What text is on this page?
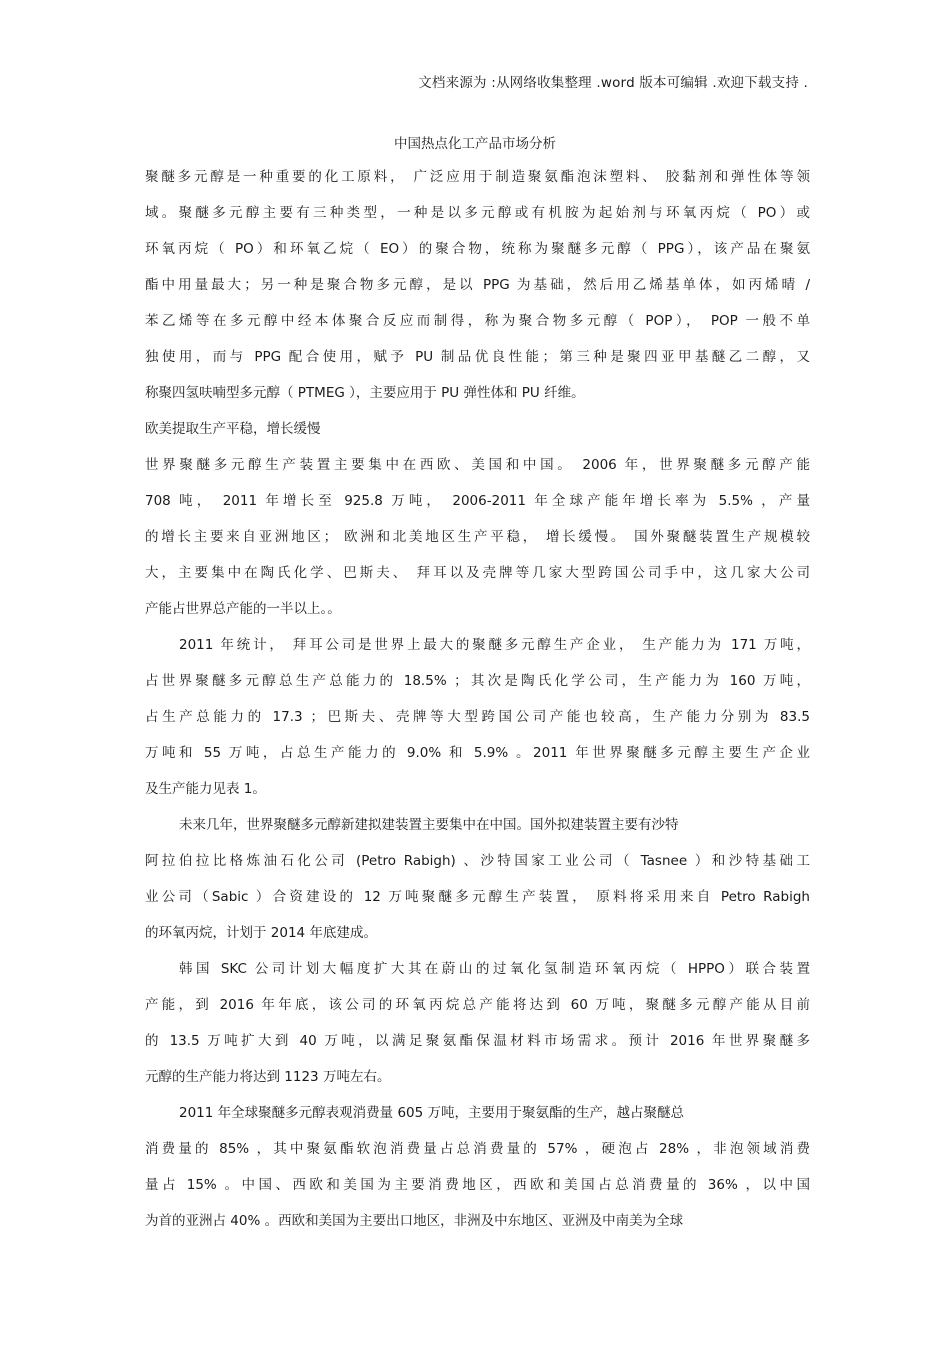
文档来源为 :从网络收集整理 .word 版本可编辑 .欢迎下载支持 .
中国热点化工产品市场分析
聚醚多元醇是一种重要的化工原料， 广泛应用于制造聚氨酯泡沫塑料、 胶黏剂和弹性体等领
域。聚醚多元醇主要有三种类型，一种是以多元醇或有机胺为起始剂与环氧丙烷（ PO）或
环氧丙烷（ PO）和环氧乙烷（ EO）的聚合物，统称为聚醚多元醇（ PPG），该产品在聚氨
酯中用量最大；另一种是聚合物多元醇，是以 PPG 为基础，然后用乙烯基单体，如丙烯晴 /
苯乙烯等在多元醇中经本体聚合反应而制得，称为聚合物多元醇（ POP）， POP 一般不单
独使用，而与 PPG 配合使用，赋予 PU 制品优良性能；第三种是聚四亚甲基醚乙二醇，又
称聚四氢呋喃型多元醇（ PTMEG ），主要应用于 PU 弹性体和 PU 纤维。
欧美提取生产平稳，增长缓慢
世界聚醚多元醇生产装置主要集中在西欧、美国和中国。 2006 年，世界聚醚多元醇产能
708 吨， 2011 年增长至 925.8 万吨， 2006-2011 年全球产能年增长率为 5.5% ，产量
的增长主要来自亚洲地区； 欧洲和北美地区生产平稳， 增长缓慢。 国外聚醚装置生产规模较
大，主要集中在陶氏化学、巴斯夫、 拜耳以及壳牌等几家大型跨国公司手中，这几家大公司
产能占世界总产能的一半以上。。
2011 年统计， 拜耳公司是世界上最大的聚醚多元醇生产企业， 生产能力为 171 万吨，
占世界聚醚多元醇总生产总能力的 18.5% ；其次是陶氏化学公司，生产能力为 160 万吨，
占生产总能力的 17.3 ；巴斯夫、壳牌等大型跨国公司产能也较高，生产能力分别为 83.5
万吨和 55 万吨，占总生产能力的 9.0% 和 5.9% 。2011 年世界聚醚多元醇主要生产企业
及生产能力见表 1。
未来几年，世界聚醚多元醇新建拟建装置主要集中在中国。国外拟建装置主要有沙特
阿拉伯拉比格炼油石化公司 (Petro Rabigh) 、沙特国家工业公司（ Tasnee ）和沙特基础工
业公司（Sabic ）合资建设的 12 万吨聚醚多元醇生产装置， 原料将采用来自 Petro Rabigh
的环氧丙烷，计划于 2014 年底建成。
韩国 SKC 公司计划大幅度扩大其在蔚山的过氧化氢制造环氧丙烷（ HPPO）联合装置
产能，到 2016 年年底，该公司的环氧丙烷总产能将达到 60 万吨，聚醚多元醇产能从目前
的 13.5 万吨扩大到 40 万吨，以满足聚氨酯保温材料市场需求。预计 2016 年世界聚醚多
元醇的生产能力将达到 1123 万吨左右。
2011 年全球聚醚多元醇表观消费量 605 万吨，主要用于聚氨酯的生产，越占聚醚总
消费量的 85% ，其中聚氨酯软泡消费量占总消费量的 57% ，硬泡占 28% ，非泡领域消费
量占 15% 。中国、西欧和美国为主要消费地区，西欧和美国占总消费量的 36% ，以中国
为首的亚洲占 40% 。西欧和美国为主要出口地区，非洲及中东地区、亚洲及中南美为全球
